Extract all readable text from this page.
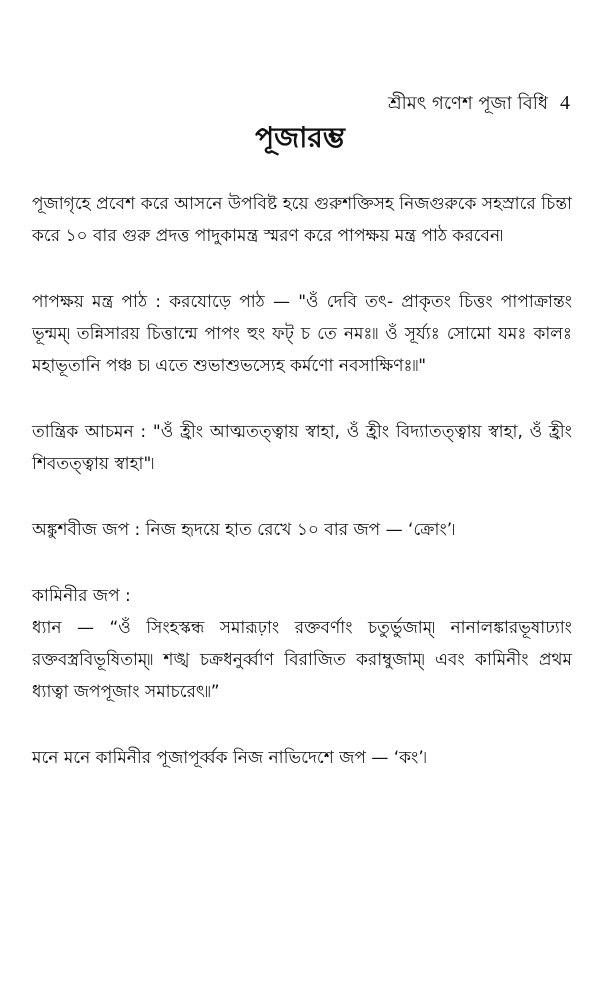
শ্রীমৎ গণেশ পূজা বিধি 4
পূজারম্ভ

পূজাগৃহে প্রবেশ করে আসনে উপবিষ্ট হয়ে গুরুশক্তিসহ নিজগুরুকে সহস্রারে চিন্তা করে ১০ বার গুরু প্রদত্ত পাদুকামন্ত্র স্মরণ করে পাপক্ষয় মন্ত্র পাঠ করবেন৷

পাপক্ষয় মন্ত্র পাঠ : করযোড়ে পাঠ — "ওঁ দেবি তৎ- প্রাকৃতং চিত্তং পাপাক্রান্তং ভূন্মম্৷ তন্নিসারয় চিত্তান্মে পাপং হুং ফট্ চ তে নমঃ৷৷ ওঁ সূর্য্যঃ সোমো যমঃ কালঃ মহাভূতানি পঞ্চ চ৷ এতে শুভাশুভস্যেহ কর্মণো নবসাক্ষিণঃ৷৷"

তান্ত্রিক আচমন : "ওঁ হ্রীং আত্মতত্ত্বায় স্বাহা, ওঁ হ্রীং বিদ্যাতত্ত্বায় স্বাহা, ওঁ হ্রীং শিবতত্ত্বায় স্বাহা"৷

অঙ্কুশবীজ জপ : নিজ হৃদয়ে হাত রেখে ১০ বার জপ — ‘ক্রোং’৷

কামিনীর জপ :

ধ্যান — “ওঁ সিংহস্কন্ধ সমারূঢ়াং রক্তবর্ণাং চতুর্ভুজাম্৷ নানালঙ্কারভূষাঢ্যাং রক্তবস্ত্রবিভূষিতাম্৷৷ শঙ্খ চক্রধনুর্ব্বাণ বিরাজিত করাম্বুজাম্৷ এবং কামিনীং প্রথম ধ্যাত্বা জপপূজাং সমাচরেৎ৷৷”

মনে মনে কামিনীর পূজাপূর্ব্বক নিজ নাভিদেশে জপ — ‘কং’৷
